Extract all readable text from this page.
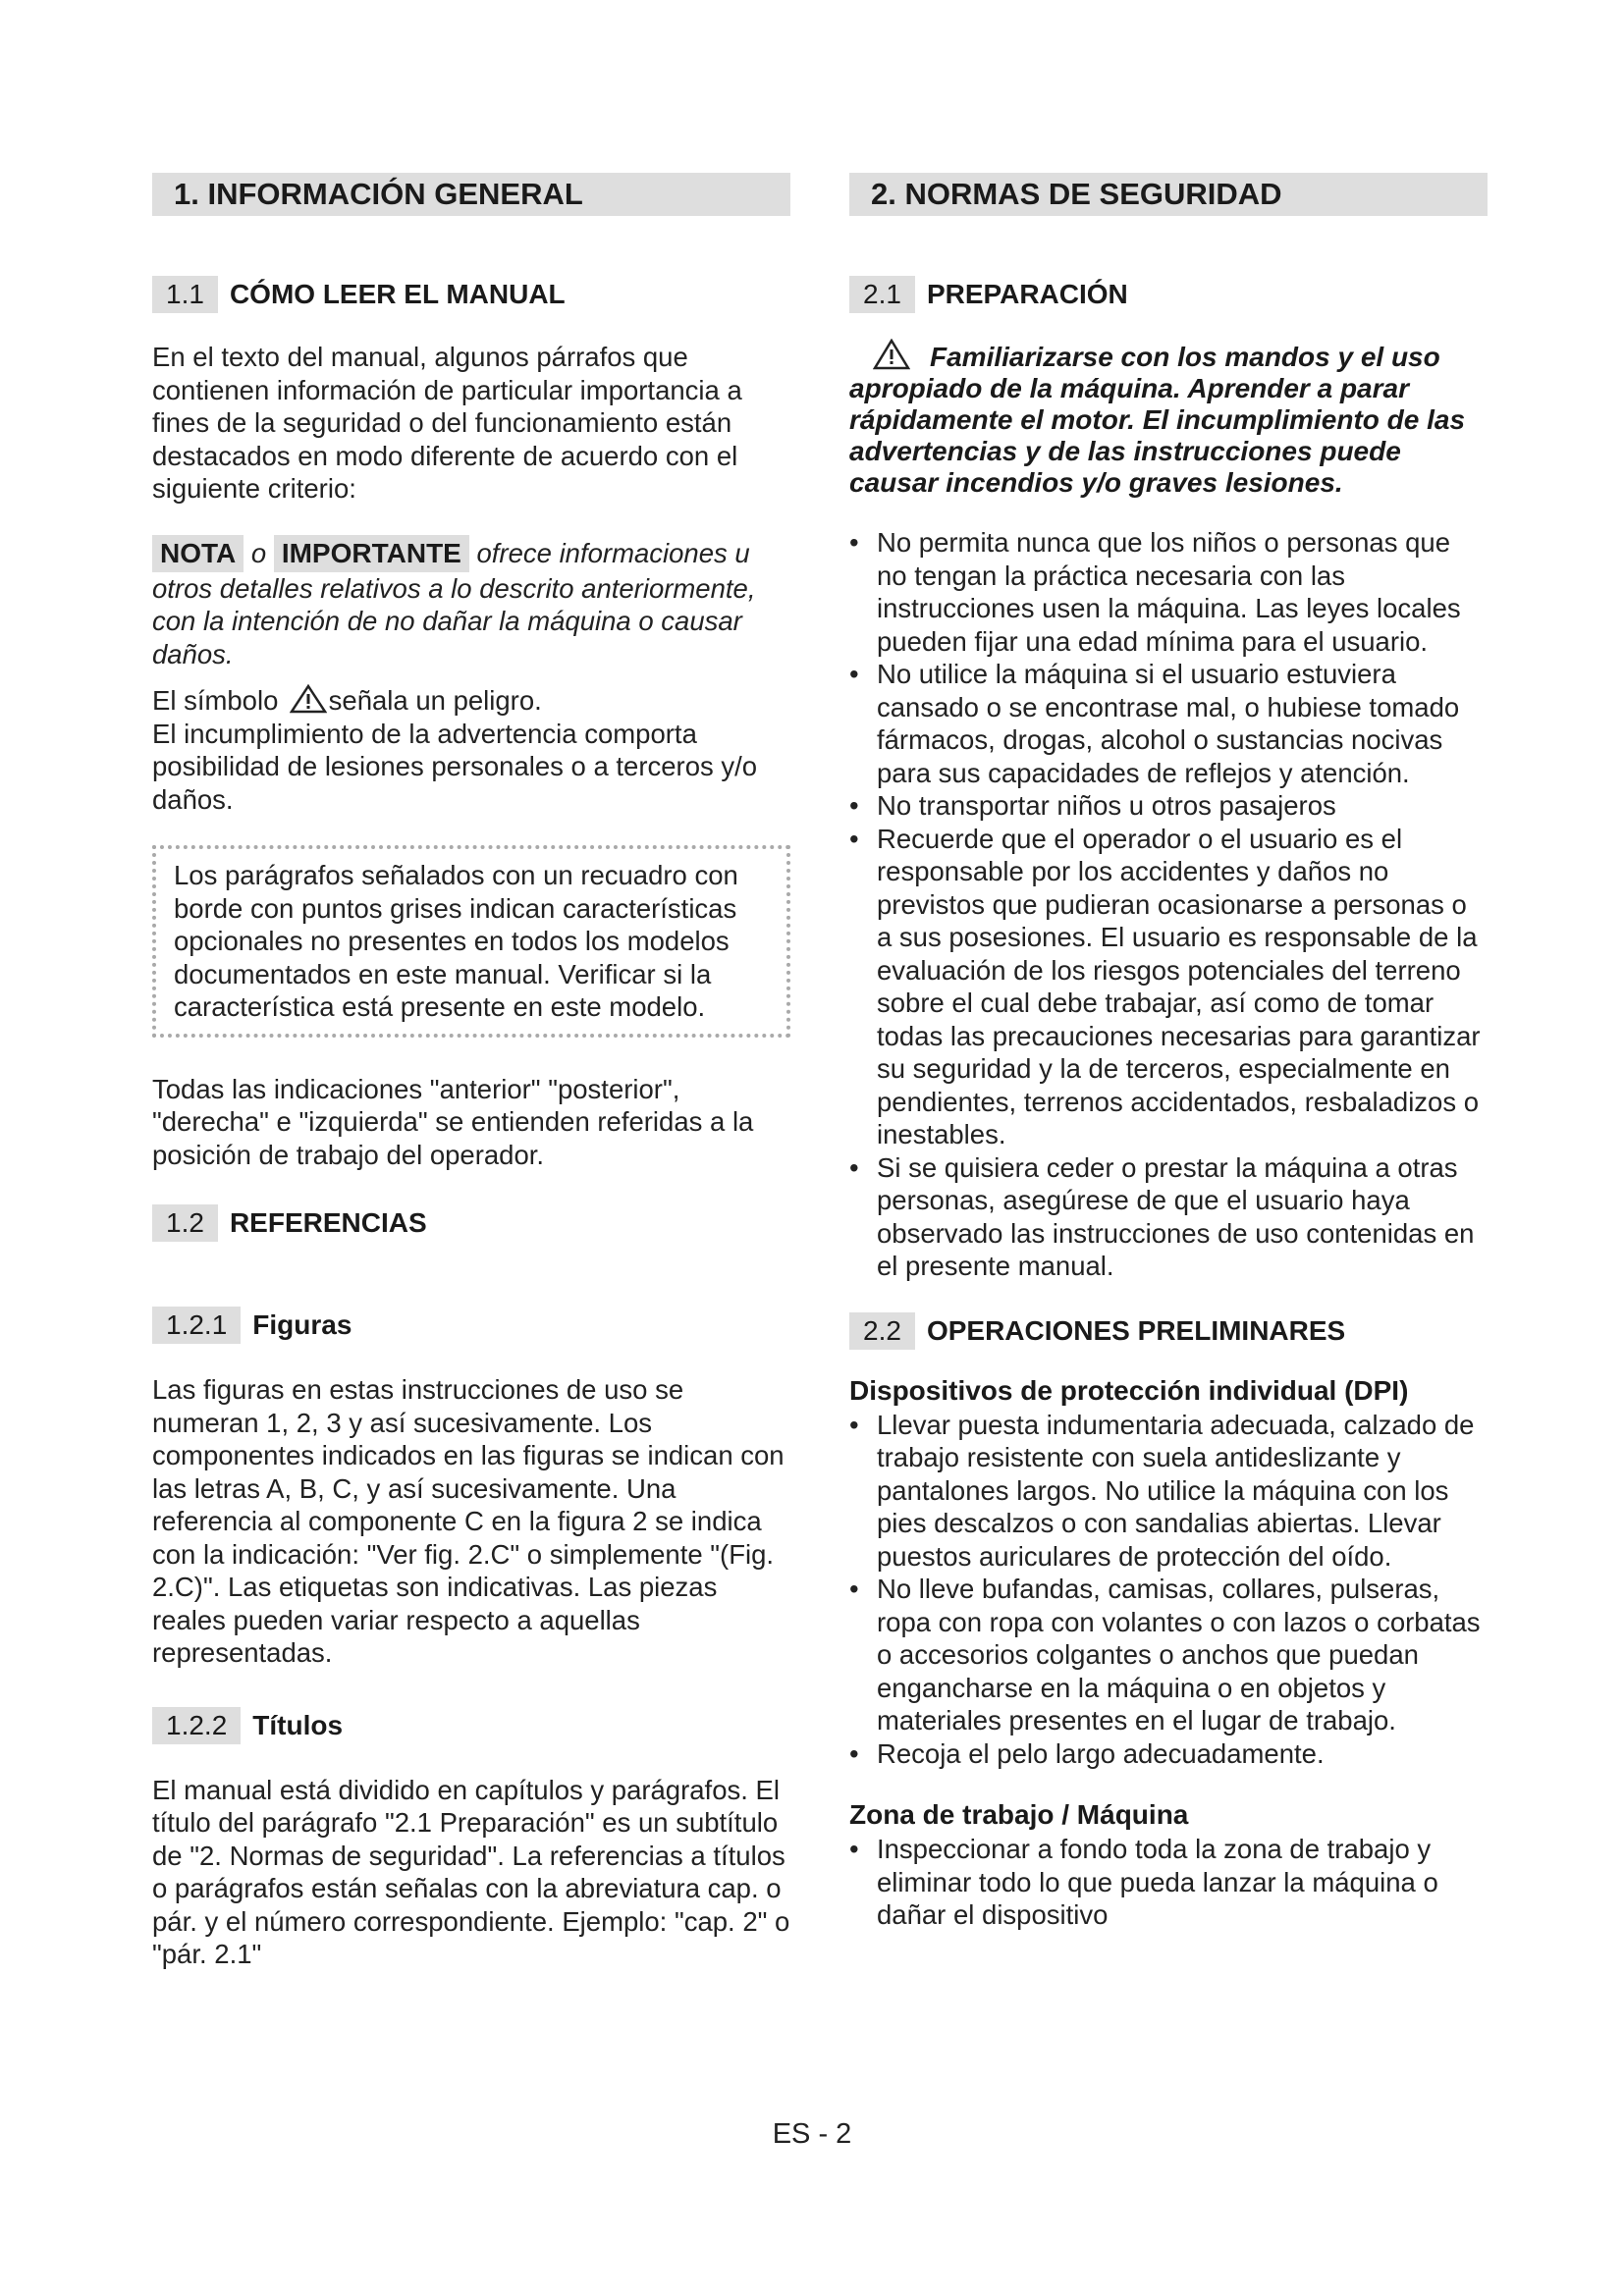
1. INFORMACIÓN GENERAL
1.1 CÓMO LEER EL MANUAL

En el texto del manual, algunos párrafos que contienen información de particular importancia a fines de la seguridad o del funcionamiento están destacados en modo diferente de acuerdo con el siguiente criterio:

NOTA o IMPORTANTE ofrece informaciones u otros detalles relativos a lo descrito anteriormente, con la intención de no dañar la máquina o causar daños.

El símbolo señala un peligro.
El incumplimiento de la advertencia comporta posibilidad de lesiones personales o a terceros y/o daños.

Los parágrafos señalados con un recuadro con borde con puntos grises indican características opcionales no presentes en todos los modelos documentados en este manual. Verificar si la característica está presente en este modelo.

Todas las indicaciones "anterior" "posterior", "derecha" e "izquierda" se entienden referidas a la posición de trabajo del operador.

1.2 REFERENCIAS
1.2.1 Figuras

Las figuras en estas instrucciones de uso se numeran 1, 2, 3 y así sucesivamente. Los componentes indicados en las figuras se indican con las letras A, B, C, y así sucesivamente. Una referencia al componente C en la figura 2 se indica con la indicación: "Ver fig. 2.C" o simplemente "(Fig. 2.C)". Las etiquetas son indicativas. Las piezas reales pueden variar respecto a aquellas representadas.

1.2.2 Títulos

El manual está dividido en capítulos y parágrafos. El título del parágrafo "2.1 Preparación" es un subtítulo de "2. Normas de seguridad". La referencias a títulos o parágrafos están señalas con la abreviatura cap. o pár. y el número correspondiente. Ejemplo: "cap. 2" o "pár. 2.1"

2. NORMAS DE SEGURIDAD
2.1 PREPARACIÓN

Familiarizarse con los mandos y el uso apropiado de la máquina. Aprender a parar rápidamente el motor. El incumplimiento de las advertencias y de las instrucciones puede causar incendios y/o graves lesiones.

• No permita nunca que los niños o personas que no tengan la práctica necesaria con las instrucciones usen la máquina. Las leyes locales pueden fijar una edad mínima para el usuario.
• No utilice la máquina si el usuario estuviera cansado o se encontrase mal, o hubiese tomado fármacos, drogas, alcohol o sustancias nocivas para sus capacidades de reflejos y atención.
• No transportar niños u otros pasajeros
• Recuerde que el operador o el usuario es el responsable por los accidentes y daños no previstos que pudieran ocasionarse a personas o a sus posesiones. El usuario es responsable de la evaluación de los riesgos potenciales del terreno sobre el cual debe trabajar, así como de tomar todas las precauciones necesarias para garantizar su seguridad y la de terceros, especialmente en pendientes, terrenos accidentados, resbaladizos o inestables.
• Si se quisiera ceder o prestar la máquina a otras personas, asegúrese de que el usuario haya observado las instrucciones de uso contenidas en el presente manual.
2.2 OPERACIONES PRELIMINARES
Dispositivos de protección individual (DPI)
• Llevar puesta indumentaria adecuada, calzado de trabajo resistente con suela antideslizante y pantalones largos. No utilice la máquina con los pies descalzos o con sandalias abiertas. Llevar puestos auriculares de protección del oído.
• No lleve bufandas, camisas, collares, pulseras, ropa con ropa con volantes o con lazos o corbatas o accesorios colgantes o anchos que puedan engancharse en la máquina o en objetos y materiales presentes en el lugar de trabajo.
• Recoja el pelo largo adecuadamente.
Zona de trabajo / Máquina
• Inspeccionar a fondo toda la zona de trabajo y eliminar todo lo que pueda lanzar la máquina o dañar el dispositivo
ES - 2
